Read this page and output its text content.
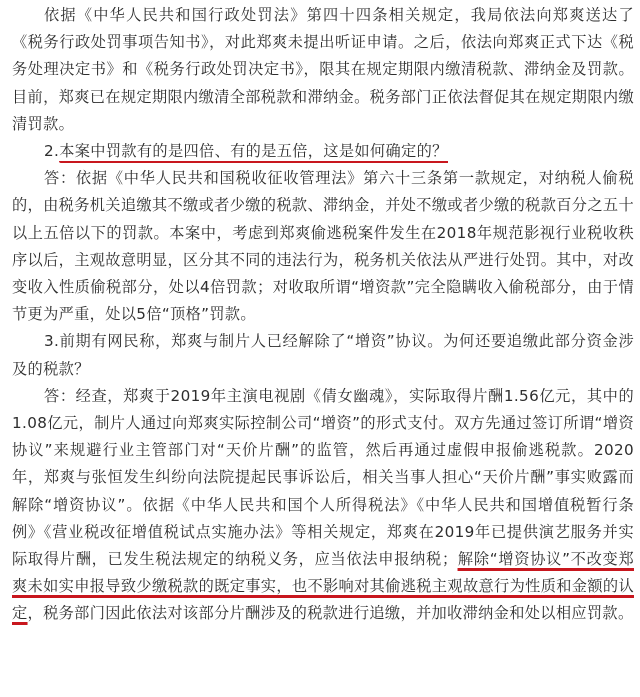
依据《中华人民共和国行政处罚法》第四十四条相关规定，我局依法向郑爽送达了《税务行政处罚事项告知书》，对此郑爽未提出听证申请。之后，依法向郑爽正式下达《税务处理决定书》和《税务行政处罚决定书》，限其在规定期限内缴清税款、滞纳金及罚款。目前，郑爽已在规定期限内缴清全部税款和滞纳金。税务部门正依法督促其在规定期限内缴清罚款。

2.本案中罚款有的是四倍、有的是五倍，这是如何确定的？

答：依据《中华人民共和国税收征收管理法》第六十三条第一款规定，对纳税人偷税的，由税务机关追缴其不缴或者少缴的税款、滞纳金，并处不缴或者少缴的税款百分之五十以上五倍以下的罚款。本案中，考虑到郑爽偷逃税案件发生在2018年规范影视行业税收秩序以后，主观故意明显，区分其不同的违法行为，税务机关依法从严进行处罚。其中，对改变收入性质偷税部分，处以4倍罚款；对收取所谓“增资款”完全隐瞒收入偷税部分，由于情节更为严重，处以5倍“顶格”罚款。

3.前期有网民称，郑爽与制片人已经解除了“增资”协议。为何还要追缴此部分资金涉及的税款？

答：经查，郑爽于2019年主演电视剧《倩女幽魂》，实际取得片酬1.56亿元，其中的1.08亿元，制片人通过向郑爽实际控制公司“增资”的形式支付。双方先通过签订所谓“增资协议”来规避行业主管部门对“天价片酬”的监管，然后再通过虚假申报偷逃税款。2020年，郑爽与张恒发生纠纷向法院提起民事诉讼后，相关当事人担心“天价片酬”事实败露而解除“增资协议”。依据《中华人民共和国个人所得税法》《中华人民共和国增值税暂行条例》《营业税改征增值税试点实施办法》等相关规定，郑爽在2019年已提供演艺服务并实际取得片酬，已发生税法规定的纳税义务，应当依法申报纳税；解除“增资协议”不改变郑爽未如实申报导致少缴税款的既定事实，也不影响对其偷逃税主观故意行为性质和金额的认定，税务部门因此依法对该部分片酬涉及的税款进行追缴，并加收滞纳金和处以相应罚款。
